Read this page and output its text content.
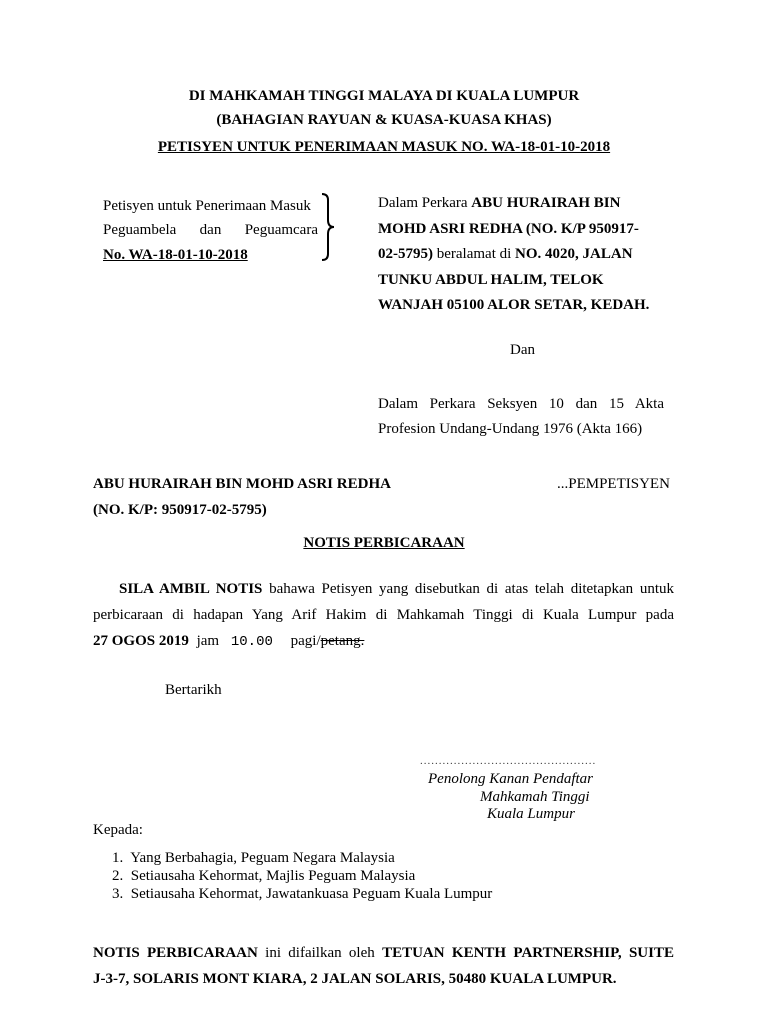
DI MAHKAMAH TINGGI MALAYA DI KUALA LUMPUR
(BAHAGIAN RAYUAN & KUASA-KUASA KHAS)
PETISYEN UNTUK PENERIMAAN MASUK NO. WA-18-01-10-2018
Petisyen untuk Penerimaan Masuk
Peguambela dan Peguamcara
No. WA-18-01-10-2018
Dalam Perkara ABU HURAIRAH BIN
MOHD ASRI REDHA (NO. K/P 950917-
02-5795) beralamat di NO. 4020, JALAN
TUNKU ABDUL HALIM, TELOK
WANJAH 05100 ALOR SETAR, KEDAH.
Dan
Dalam Perkara Seksyen 10 dan 15 Akta
Profesion Undang-Undang 1976 (Akta 166)
ABU HURAIRAH BIN MOHD ASRI REDHA	...PEMPETISYEN
(NO. K/P: 950917-02-5795)
NOTIS PERBICARAAN
SILA AMBIL NOTIS bahawa Petisyen yang disebutkan di atas telah ditetapkan untuk
perbicaraan di hadapan Yang Arif Hakim di Mahkamah Tinggi di Kuala Lumpur pada
27 OGOS 2019 jam 10.00 pagi/petang.
Bertarikh
...............................................
Penolong Kanan Pendaftar
Mahkamah Tinggi
Kuala Lumpur
Kepada:
1.  Yang Berbahagia, Peguam Negara Malaysia
2.  Setiausaha Kehormat, Majlis Peguam Malaysia
3.  Setiausaha Kehormat, Jawatankuasa Peguam Kuala Lumpur
NOTIS PERBICARAAN ini difailkan oleh TETUAN KENTH PARTNERSHIP, SUITE
J-3-7, SOLARIS MONT KIARA, 2 JALAN SOLARIS, 50480 KUALA LUMPUR.
